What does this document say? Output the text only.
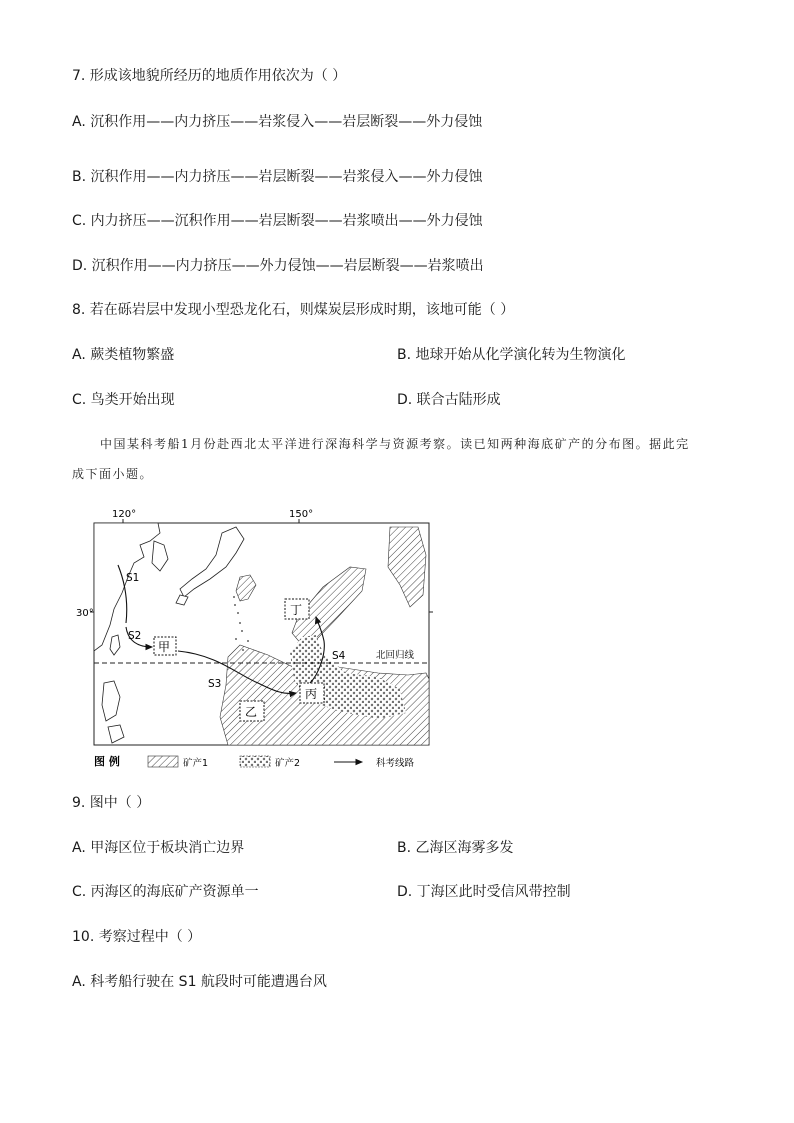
7. 形成该地貌所经历的地质作用依次为（ ）
A. 沉积作用——内力挤压——岩浆侵入——岩层断裂——外力侵蚀
B. 沉积作用——内力挤压——岩层断裂——岩浆侵入——外力侵蚀
C. 内力挤压——沉积作用——岩层断裂——岩浆喷出——外力侵蚀
D. 沉积作用——内力挤压——外力侵蚀——岩层断裂——岩浆喷出
8. 若在砾岩层中发现小型恐龙化石，则煤炭层形成时期，该地可能（ ）
A. 蕨类植物繁盛	B. 地球开始从化学演化转为生物演化
C. 鸟类开始出现	D. 联合古陆形成
中国某科考船1月份赴西北太平洋进行深海科学与资源考察。读已知两种海底矿产的分布图。据此完
成下面小题。
120°	150°
30°
北回归线
S1
S2
S3
S4
甲
乙
丙
丁
图 例	矿产1	矿产2	科考线路
9. 图中（ ）
A. 甲海区位于板块消亡边界	B. 乙海区海雾多发
C. 丙海区的海底矿产资源单一	D. 丁海区此时受信风带控制
10. 考察过程中（ ）
A. 科考船行驶在 S1 航段时可能遭遇台风
